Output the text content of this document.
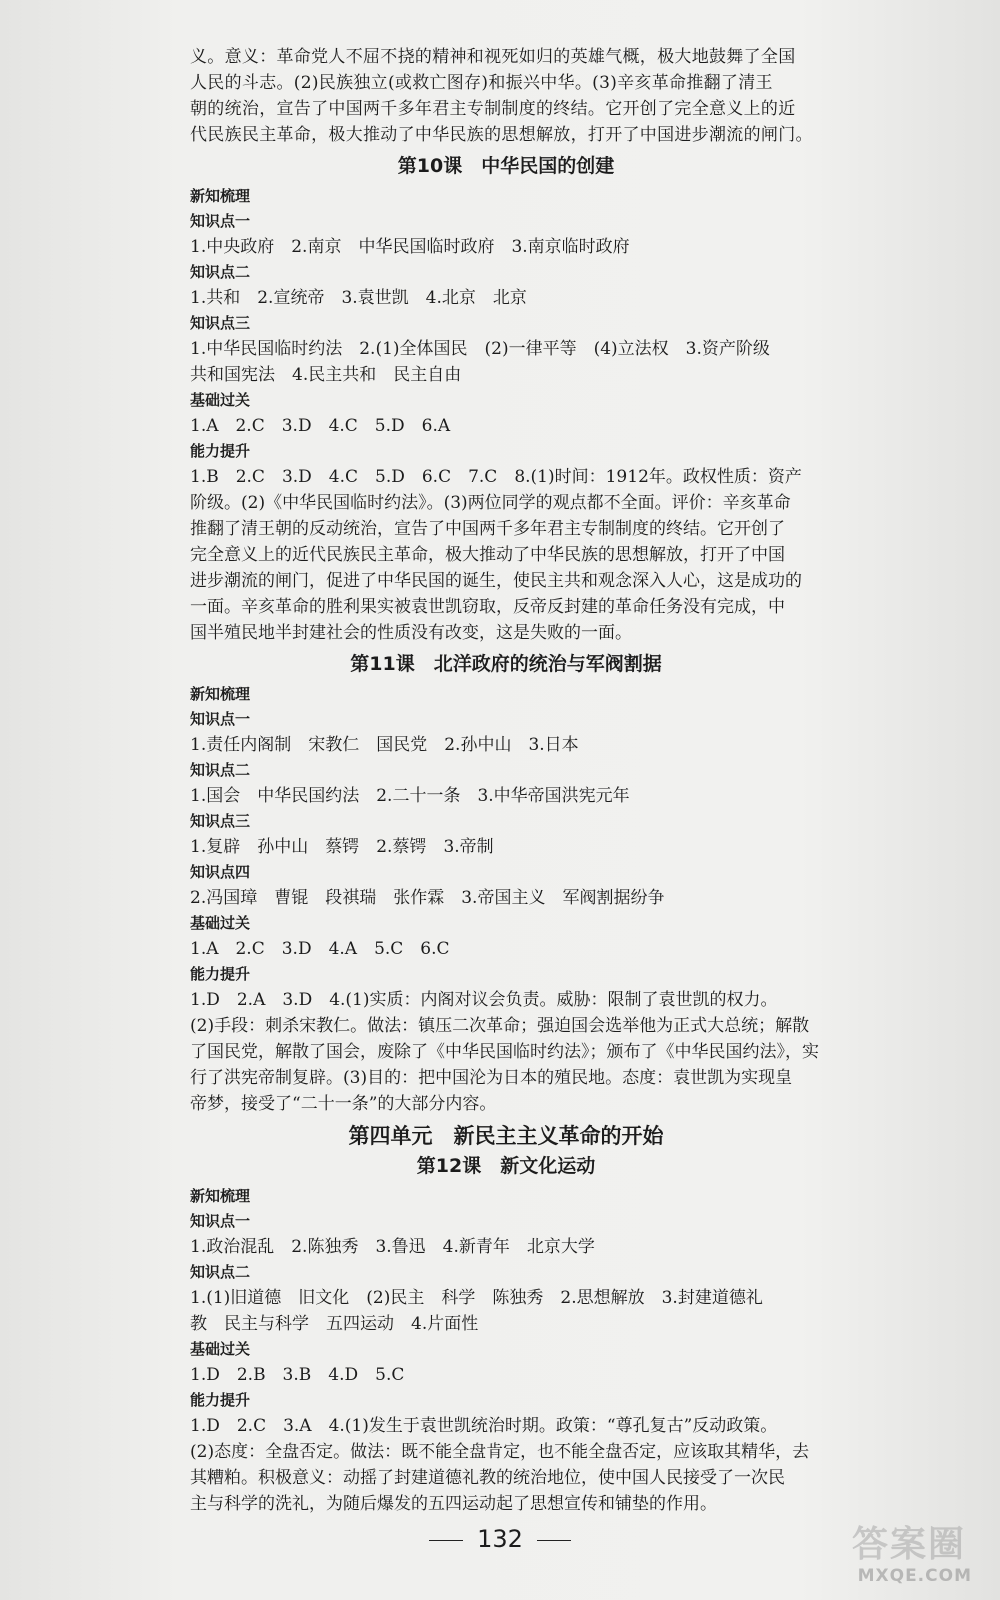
义。意义：革命党人不屈不挠的精神和视死如归的英雄气概，极大地鼓舞了全国

人民的斗志。(2)民族独立(或救亡图存)和振兴中华。(3)辛亥革命推翻了清王

朝的统治，宣告了中国两千多年君主专制制度的终结。它开创了完全意义上的近

代民族民主革命，极大推动了中华民族的思想解放，打开了中国进步潮流的闸门。

第10课　中华民国的创建

新知梳理

知识点一

1.中央政府　2.南京　中华民国临时政府　3.南京临时政府

知识点二

1.共和　2.宣统帝　3.袁世凯　4.北京　北京

知识点三

1.中华民国临时约法　2.(1)全体国民　(2)一律平等　(4)立法权　3.资产阶级

共和国宪法　4.民主共和　民主自由

基础过关

1.A　2.C　3.D　4.C　5.D　6.A

能力提升

1.B　2.C　3.D　4.C　5.D　6.C　7.C　8.(1)时间：1912年。政权性质：资产

阶级。(2)《中华民国临时约法》。(3)两位同学的观点都不全面。评价：辛亥革命

推翻了清王朝的反动统治，宣告了中国两千多年君主专制制度的终结。它开创了

完全意义上的近代民族民主革命，极大推动了中华民族的思想解放，打开了中国

进步潮流的闸门，促进了中华民国的诞生，使民主共和观念深入人心，这是成功的

一面。辛亥革命的胜利果实被袁世凯窃取，反帝反封建的革命任务没有完成，中

国半殖民地半封建社会的性质没有改变，这是失败的一面。

第11课　北洋政府的统治与军阀割据

新知梳理

知识点一

1.责任内阁制　宋教仁　国民党　2.孙中山　3.日本

知识点二

1.国会　中华民国约法　2.二十一条　3.中华帝国洪宪元年

知识点三

1.复辟　孙中山　蔡锷　2.蔡锷　3.帝制

知识点四

2.冯国璋　曹锟　段祺瑞　张作霖　3.帝国主义　军阀割据纷争

基础过关

1.A　2.C　3.D　4.A　5.C　6.C

能力提升

1.D　2.A　3.D　4.(1)实质：内阁对议会负责。威胁：限制了袁世凯的权力。

(2)手段：刺杀宋教仁。做法：镇压二次革命；强迫国会选举他为正式大总统；解散

了国民党，解散了国会，废除了《中华民国临时约法》；颁布了《中华民国约法》，实

行了洪宪帝制复辟。(3)目的：把中国沦为日本的殖民地。态度：袁世凯为实现皇

帝梦，接受了“二十一条”的大部分内容。

第四单元　新民主主义革命的开始
第12课　新文化运动

新知梳理

知识点一

1.政治混乱　2.陈独秀　3.鲁迅　4.新青年　北京大学

知识点二

1.(1)旧道德　旧文化　(2)民主　科学　陈独秀　2.思想解放　3.封建道德礼

教　民主与科学　五四运动　4.片面性

基础过关

1.D　2.B　3.B　4.D　5.C

能力提升

1.D　2.C　3.A　4.(1)发生于袁世凯统治时期。政策：“尊孔复古”反动政策。

(2)态度：全盘否定。做法：既不能全盘肯定，也不能全盘否定，应该取其精华，去

其糟粕。积极意义：动摇了封建道德礼教的统治地位，使中国人民接受了一次民

主与科学的洗礼，为随后爆发的五四运动起了思想宣传和铺垫的作用。

132	答案圈
MXQE.COM
